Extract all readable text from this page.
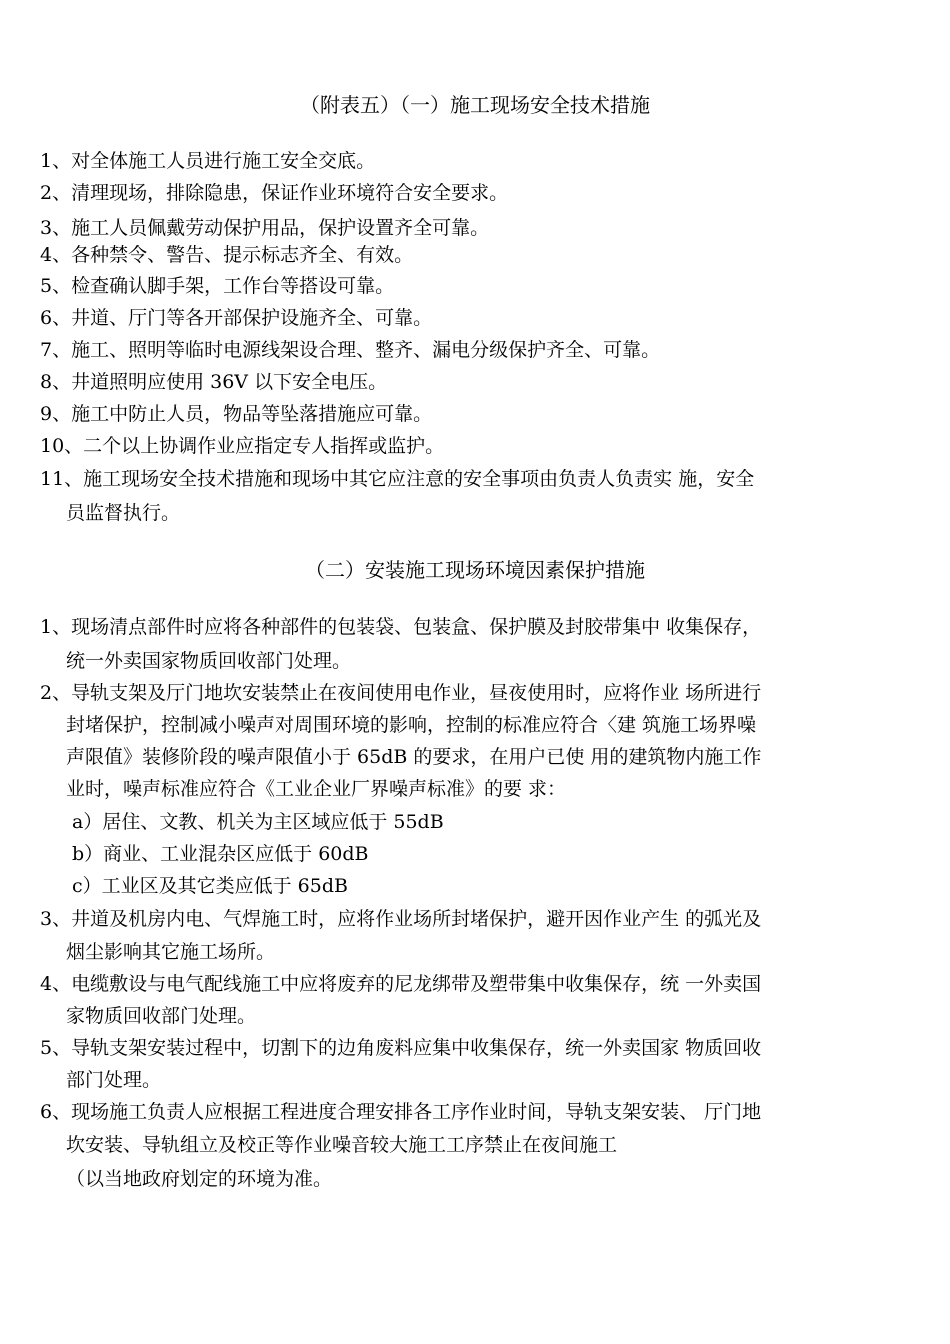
（附表五）（一）施工现场安全技术措施
1、对全体施工人员进行施工安全交底。
2、清理现场，排除隐患，保证作业环境符合安全要求。
3、施工人员佩戴劳动保护用品，保护设置齐全可靠。
4、各种禁令、警告、提示标志齐全、有效。
5、检查确认脚手架，工作台等搭设可靠。
6、井道、厅门等各开部保护设施齐全、可靠。
7、施工、照明等临时电源线架设合理、整齐、漏电分级保护齐全、可靠。
8、井道照明应使用 36V 以下安全电压。
9、施工中防止人员，物品等坠落措施应可靠。
10、二个以上协调作业应指定专人指挥或监护。
11、施工现场安全技术措施和现场中其它应注意的安全事项由负责人负责实 施，安全
员监督执行。
（二）安装施工现场环境因素保护措施
1、现场清点部件时应将各种部件的包装袋、包装盒、保护膜及封胶带集中 收集保存，
统一外卖国家物质回收部门处理。
2、导轨支架及厅门地坎安装禁止在夜间使用电作业，昼夜使用时，应将作业 场所进行
封堵保护，控制减小噪声对周围环境的影响，控制的标准应符合〈建 筑施工场界噪
声限值》装修阶段的噪声限值小于 65dB 的要求，在用户已使 用的建筑物内施工作
业时，噪声标准应符合《工业企业厂界噪声标准》的要 求：
a）居住、文教、机关为主区域应低于 55dB
b）商业、工业混杂区应低于 60dB
c）工业区及其它类应低于 65dB
3、井道及机房内电、气焊施工时，应将作业场所封堵保护，避开因作业产生 的弧光及
烟尘影响其它施工场所。
4、电缆敷设与电气配线施工中应将废弃的尼龙绑带及塑带集中收集保存，统 一外卖国
家物质回收部门处理。
5、导轨支架安装过程中，切割下的边角废料应集中收集保存，统一外卖国家 物质回收
部门处理。
6、现场施工负责人应根据工程进度合理安排各工序作业时间，导轨支架安装、 厅门地
坎安装、导轨组立及校正等作业噪音较大施工工序禁止在夜间施工
（以当地政府划定的环境为准。
